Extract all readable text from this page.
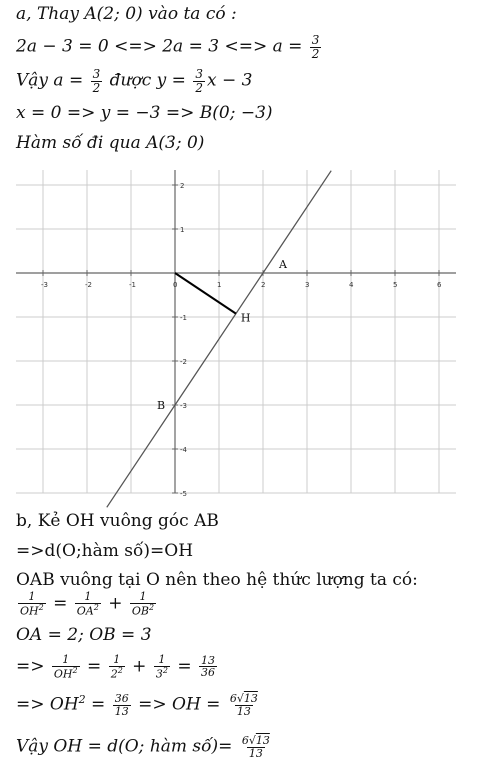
a, Thay A(2; 0) vào ta có :
2a − 3 = 0 <=> 2a = 3 <=> $a = \frac{3}{2}$
Vậy $a = \frac{3}{2}$ được $y = \frac{3}{2}$ x − 3
x = 0 => y = −3 => B(0; −3)
Hàm số đi qua A(3; 0)
-3	-2	-1	0	1	2	3	4	5	6
2
1
-1
-2
-3
-4
-5
A
B
H
b, Kẻ OH vuông góc AB
=>d(O;hàm số)=OH
OAB vuông tại O nên theo hệ thức lượng ta có:
$\frac{1}{OH^2} = \frac{1}{OA^2} + \frac{1}{OB^2}$
OA = 2; OB = 3
=> $\frac{1}{OH^2} = \frac{1}{2^2} + \frac{1}{3^2} = \frac{13}{36}$
=> $OH^2 = \frac{36}{13}$ => OH = $\frac{6√13}{13}$
Vậy OH = d(O; hàm số)= $\frac{6√13}{13}$
